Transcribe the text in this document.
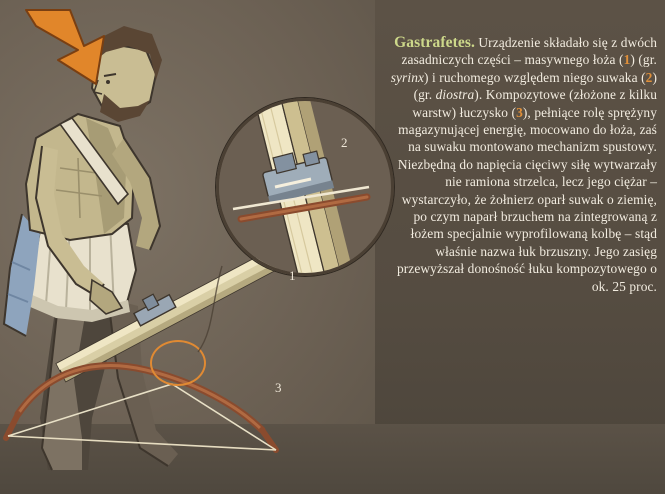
1
2
3
Gastrafetes. Urządzenie składało się z dwóch zasadniczych części – masywnego łoża (1) (gr. syrinx) i ruchomego względem niego suwaka (2) (gr. diostra). Kompozytowe (złożone z kilku warstw) łuczysko (3), pełniące rolę sprężyny magazynującej energię, mocowano do łoża, zaś na suwaku montowano mechanizm spustowy. Niezbędną do napięcia cięciwy siłę wytwarzały nie ramiona strzelca, lecz jego ciężar – wystarczyło, że żołnierz oparł suwak o ziemię, po czym naparł brzuchem na zintegrowaną z łożem specjalnie wyprofilowaną kolbę – stąd właśnie nazwa łuk brzuszny. Jego zasięg przewyższał donośność łuku kompozytowego o ok. 25 proc.
